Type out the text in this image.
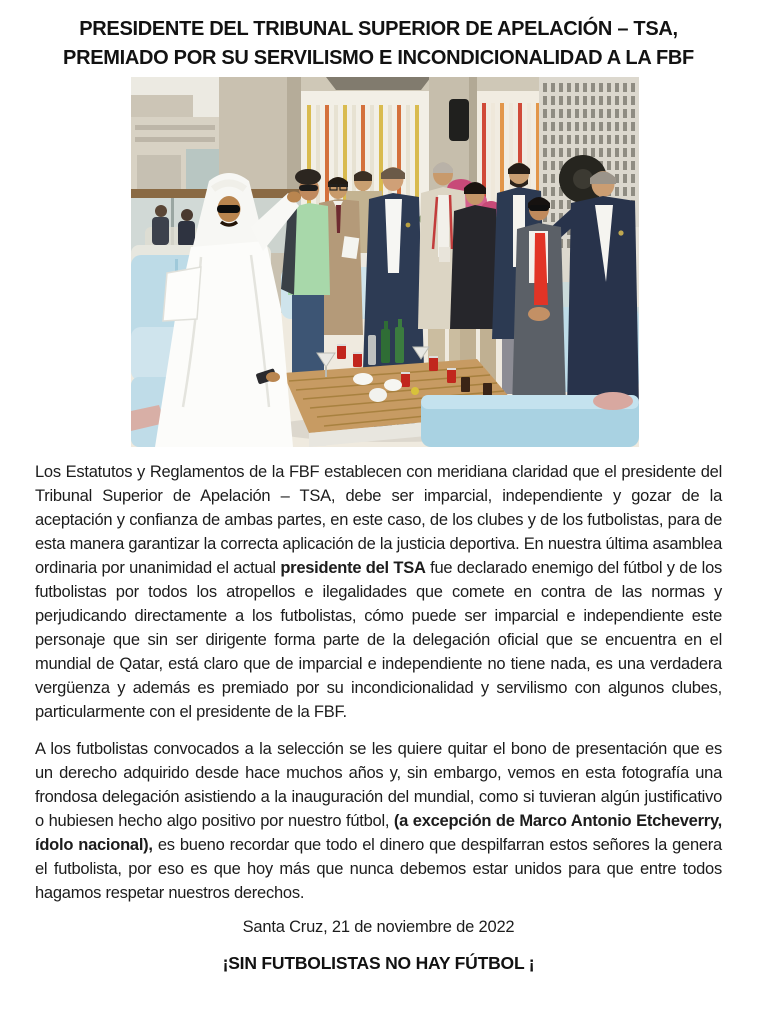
PRESIDENTE DEL TRIBUNAL SUPERIOR DE APELACIÓN – TSA,
PREMIADO POR SU SERVILISMO E INCONDICIONALIDAD A LA FBF

Los Estatutos y Reglamentos de la FBF establecen con meridiana claridad que el presidente del Tribunal Superior de Apelación – TSA, debe ser imparcial, independiente y gozar de la aceptación y confianza de ambas partes, en este caso, de los clubes y de los futbolistas, para de esta manera garantizar la correcta aplicación de la justicia deportiva. En nuestra última asamblea ordinaria por unanimidad el actual presidente del TSA fue declarado enemigo del fútbol y de los futbolistas por todos los atropellos e ilegalidades que comete en contra de las normas y perjudicando directamente a los futbolistas, cómo puede ser imparcial e independiente este personaje que sin ser dirigente forma parte de la delegación oficial que se encuentra en el mundial de Qatar, está claro que de imparcial e independiente no tiene nada, es una verdadera vergüenza y además es premiado por su incondicionalidad y servilismo con algunos clubes, particularmente con el presidente de la FBF.

A los futbolistas convocados a la selección se les quiere quitar el bono de presentación que es un derecho adquirido desde hace muchos años y, sin embargo, vemos en esta fotografía una frondosa delegación asistiendo a la inauguración del mundial, como si tuvieran algún justificativo o hubiesen hecho algo positivo por nuestro fútbol, (a excepción de Marco Antonio Etcheverry, ídolo nacional), es bueno recordar que todo el dinero que despilfarran estos señores la genera el futbolista, por eso es que hoy más que nunca debemos estar unidos para que entre todos hagamos respetar nuestros derechos.

Santa Cruz, 21 de noviembre de 2022
¡SIN FUTBOLISTAS NO HAY FÚTBOL ¡
